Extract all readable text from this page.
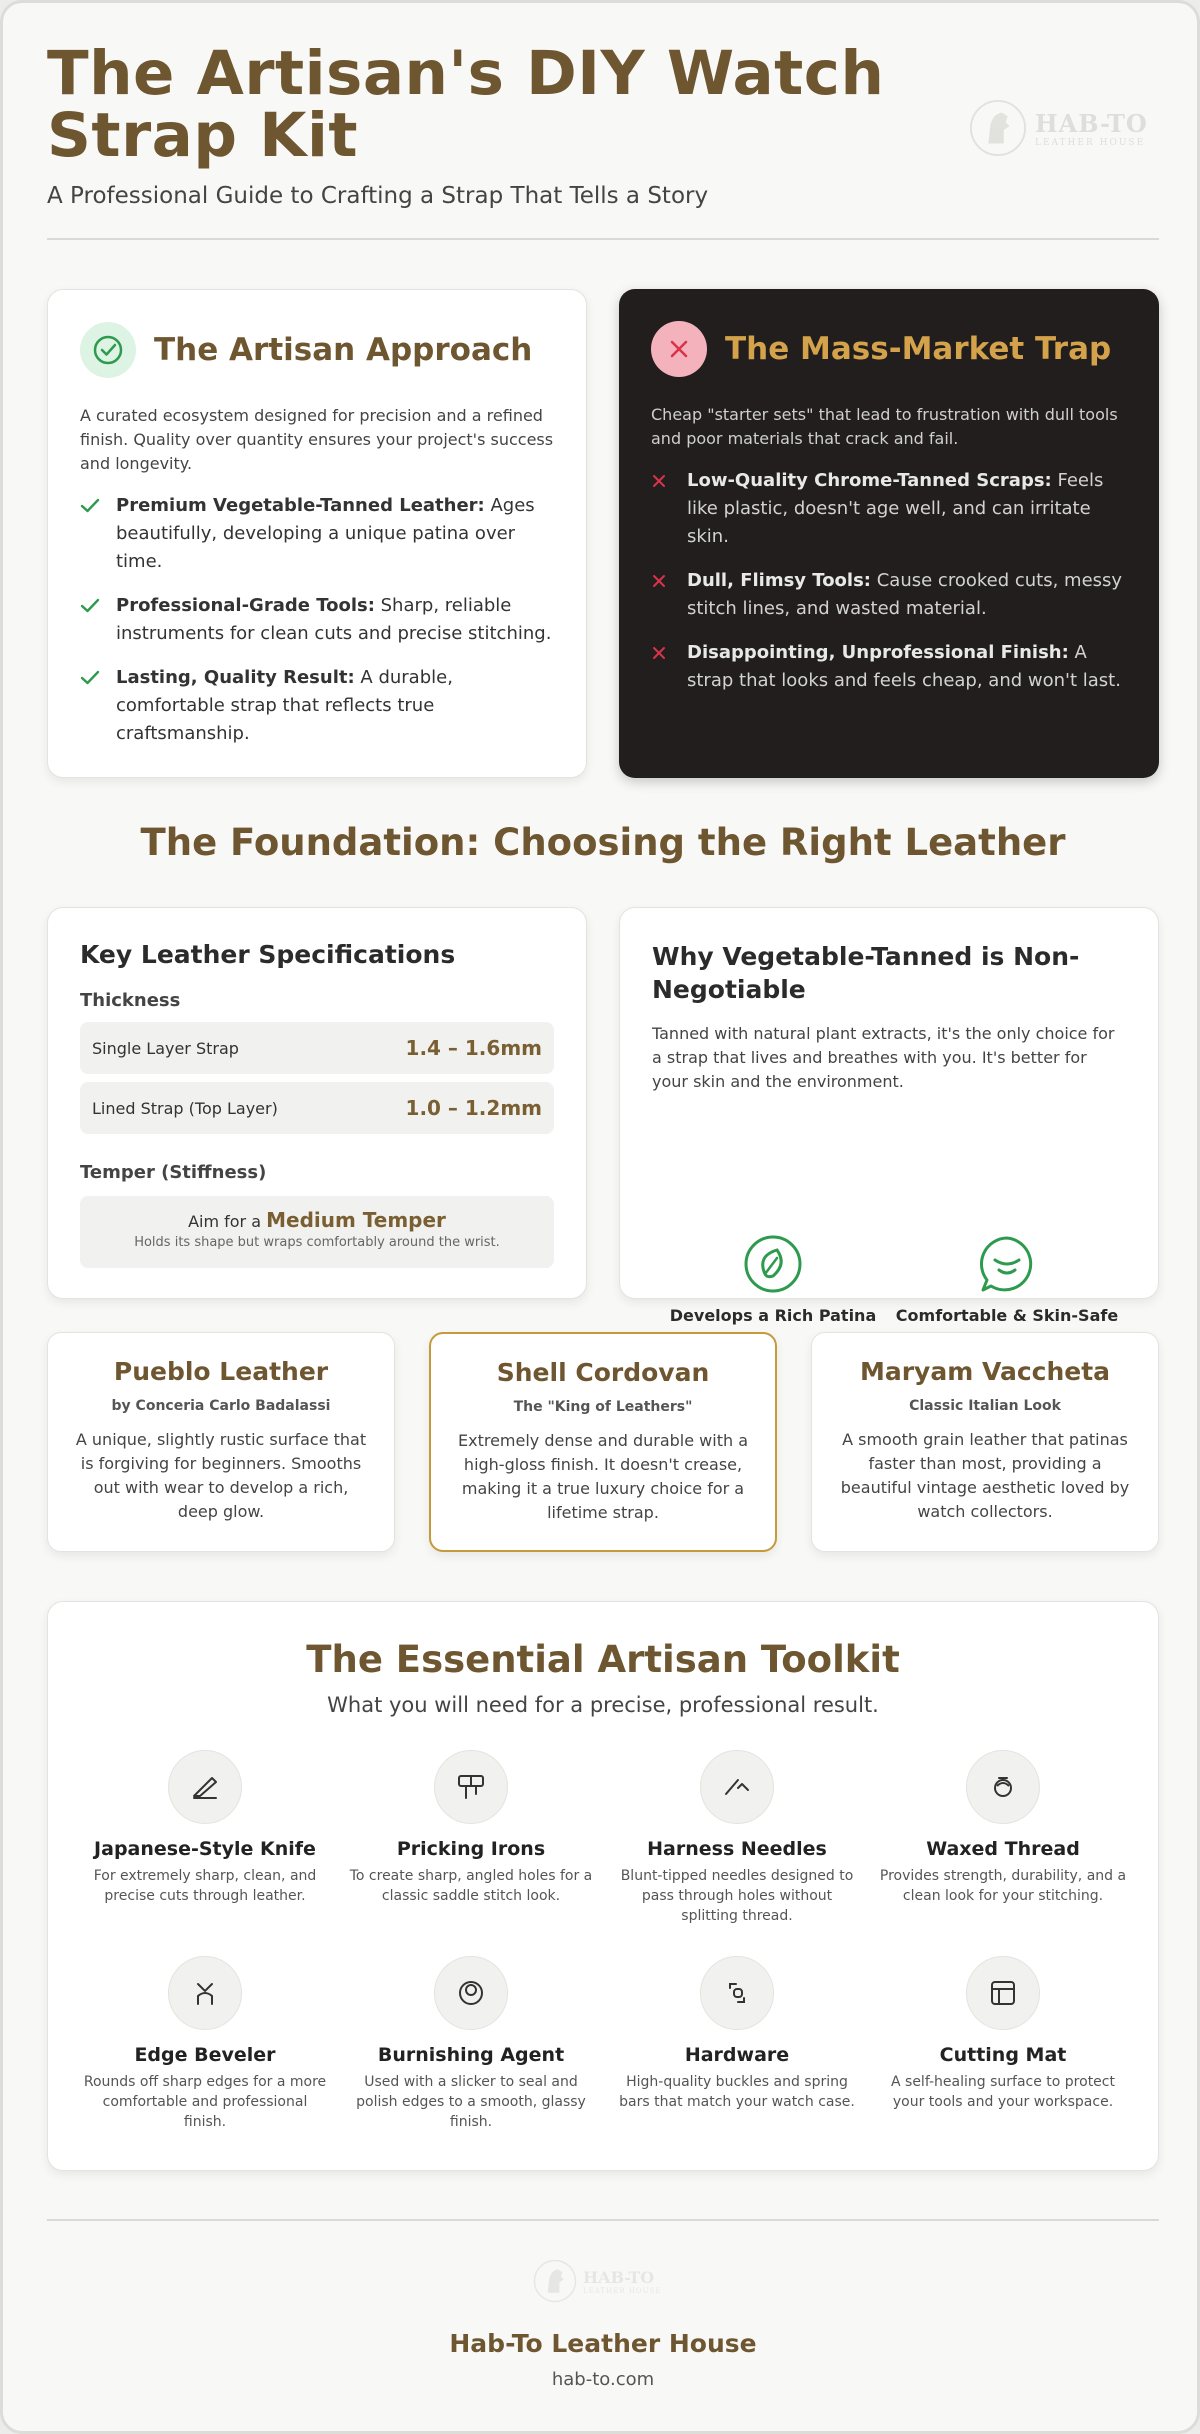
The Artisan's DIY Watch Strap Kit
A Professional Guide to Crafting a Strap That Tells a Story
HAB-TO
LEATHER HOUSE
The Artisan Approach
A curated ecosystem designed for precision and a refined finish. Quality over quantity ensures your project's success and longevity.
Premium Vegetable-Tanned Leather: Ages beautifully, developing a unique patina over time.
Professional-Grade Tools: Sharp, reliable instruments for clean cuts and precise stitching.
Lasting, Quality Result: A durable, comfortable strap that reflects true craftsmanship.
The Mass-Market Trap
Cheap "starter sets" that lead to frustration with dull tools and poor materials that crack and fail.
Low-Quality Chrome-Tanned Scraps: Feels like plastic, doesn't age well, and can irritate skin.
Dull, Flimsy Tools: Cause crooked cuts, messy stitch lines, and wasted material.
Disappointing, Unprofessional Finish: A strap that looks and feels cheap, and won't last.
The Foundation: Choosing the Right Leather
Key Leather Specifications
Thickness
Single Layer Strap	1.4 – 1.6mm
Lined Strap (Top Layer)	1.0 – 1.2mm
Temper (Stiffness)
Aim for a Medium Temper
Holds its shape but wraps comfortably around the wrist.
Why Vegetable-Tanned is Non-Negotiable
Tanned with natural plant extracts, it's the only choice for a strap that lives and breathes with you. It's better for your skin and the environment.
Develops a Rich Patina	Comfortable & Skin-Safe
Pueblo Leather
by Conceria Carlo Badalassi
A unique, slightly rustic surface that is forgiving for beginners. Smooths out with wear to develop a rich, deep glow.
Shell Cordovan
The "King of Leathers"
Extremely dense and durable with a high-gloss finish. It doesn't crease, making it a true luxury choice for a lifetime strap.
Maryam Vaccheta
Classic Italian Look
A smooth grain leather that patinas faster than most, providing a beautiful vintage aesthetic loved by watch collectors.
The Essential Artisan Toolkit
What you will need for a precise, professional result.
Japanese-Style Knife
For extremely sharp, clean, and precise cuts through leather.
Pricking Irons
To create sharp, angled holes for a classic saddle stitch look.
Harness Needles
Blunt-tipped needles designed to pass through holes without splitting thread.
Waxed Thread
Provides strength, durability, and a clean look for your stitching.
Edge Beveler
Rounds off sharp edges for a more comfortable and professional finish.
Burnishing Agent
Used with a slicker to seal and polish edges to a smooth, glassy finish.
Hardware
High-quality buckles and spring bars that match your watch case.
Cutting Mat
A self-healing surface to protect your tools and your workspace.
HAB-TO
LEATHER HOUSE
Hab-To Leather House
hab-to.com
